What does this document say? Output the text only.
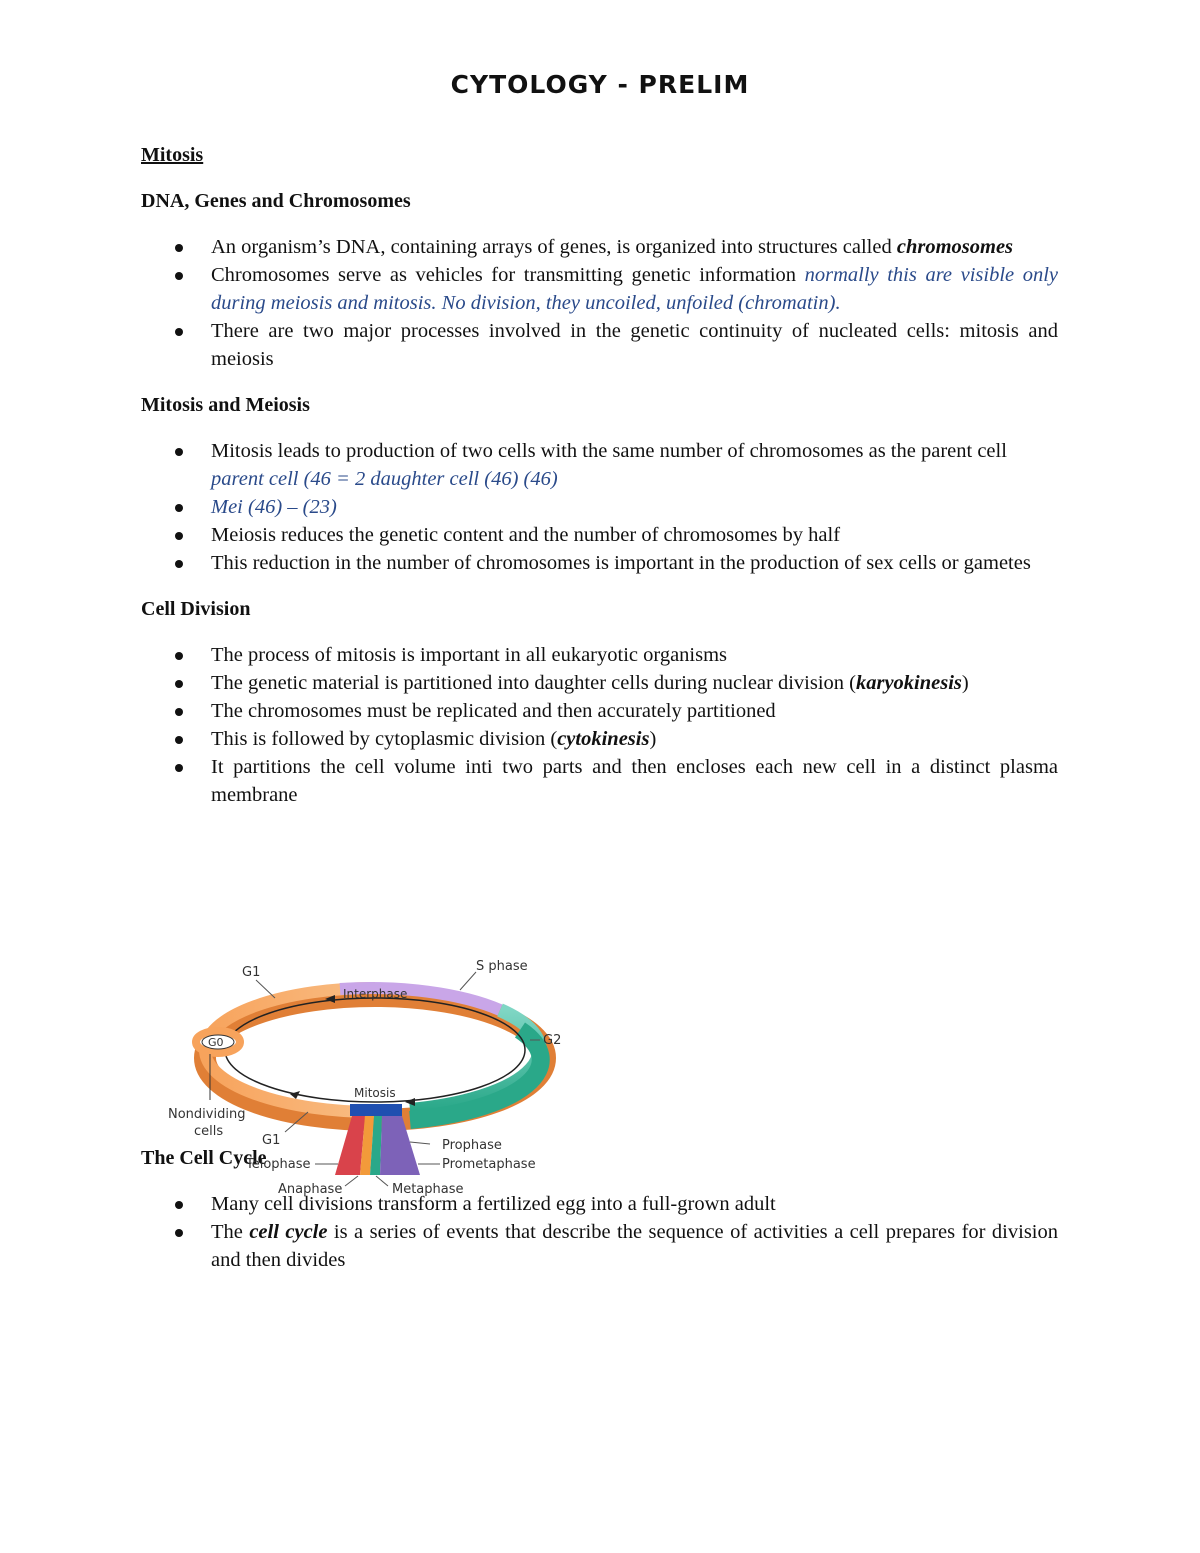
CYTOLOGY - PRELIM
Mitosis
DNA, Genes and Chromosomes
An organism’s DNA, containing arrays of genes, is organized into structures called chromosomes
Chromosomes serve as vehicles for transmitting genetic information normally this are visible only during meiosis and mitosis. No division, they uncoiled, unfoiled (chromatin).
There are two major processes involved in the genetic continuity of nucleated cells: mitosis and meiosis
Mitosis and Meiosis
Mitosis leads to production of two cells with the same number of chromosomes as the parent cell parent cell (46 = 2 daughter cell (46) (46)
Mei (46) – (23)
Meiosis reduces the genetic content and the number of chromosomes by half
This reduction in the number of chromosomes is important in the production of sex cells or gametes
Cell Division
The process of mitosis is important in all eukaryotic organisms
The genetic material is partitioned into daughter cells during nuclear division (karyokinesis)
The chromosomes must be replicated and then accurately partitioned
This is followed by cytoplasmic division (cytokinesis)
It partitions the cell volume inti two parts and then encloses each new cell in a distinct plasma membrane
The Cell Cycle
Many cell divisions transform a fertilized egg into a full-grown adult
The cell cycle is a series of events that describe the sequence of activities a cell prepares for division and then divides
G1	S phase
Interphase
G0	G2
Mitosis
Nondividing
cells
G1
Telophase
Anaphase	Metaphase
Prophase
Prometaphase
